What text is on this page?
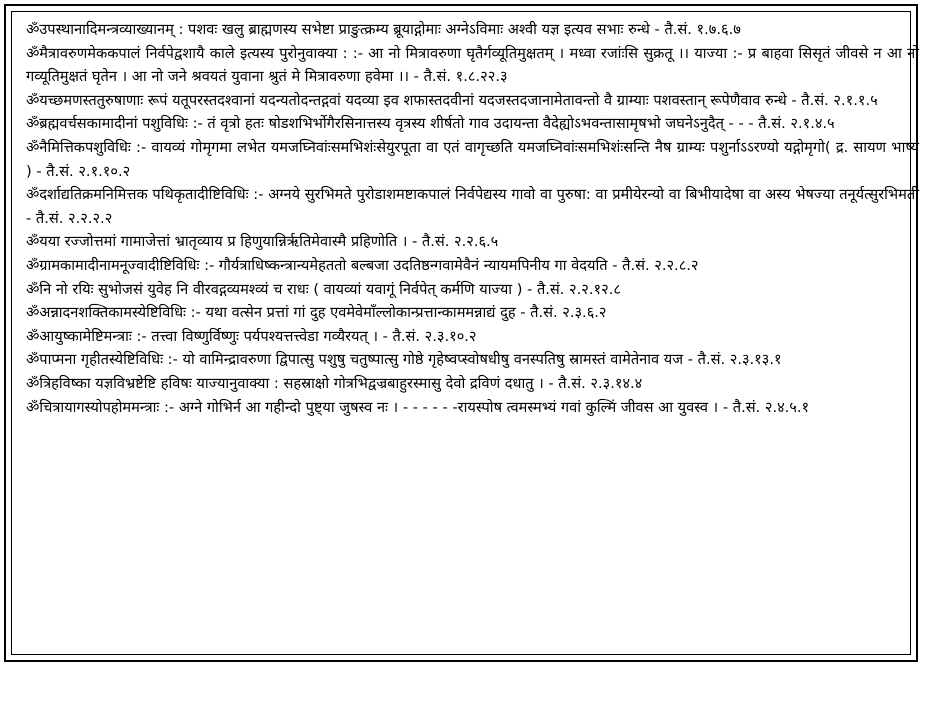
ॐउपस्थानादिमन्त्रव्याख्यानम् : पशवः खलु ब्राह्मणस्य सभेष्टा प्राङुत्क्रम्य ब्रूयाद्गोमाः अग्नेऽविमाः अश्वी यज्ञ इत्यव सभाः रुन्धे - तै.सं. १.७.६.७

ॐमैत्रावरुणमेककपालं निर्वपेद्वशायै काले इत्यस्य पुरोनुवाक्या : :- आ नो मित्रावरुणा घृतैर्गव्यूतिमुक्षतम् । मध्वा रजांःसि सुक्रतू ।। याज्या :- प्र बाहवा सिसृतं जीवसे न आ नो गव्यूतिमुक्षतं घृतेन । आ नो जने श्रवयतं युवाना श्रुतं मे मित्रावरुणा हवेमा ।। - तै.सं. १.८.२२.३

ॐयच्छमणस्ततुरुषाणाः रूपं यतूपरस्तदश्वानां यदन्यतोदन्तद्गवां यदव्या इव शफास्तदवीनां यदजस्तदजानामेतावन्तो वै ग्राम्याः पशवस्तान् रूपेणैवाव रुन्धे - तै.सं. २.१.१.५

ॐब्रह्मवर्चसकामादीनां पशुविधिः :- तं वृत्रो हतः षोडशभिर्भोगैरसिनात्तस्य वृत्रस्य शीर्षतो गाव उदायन्ता वैदेह्योऽभवन्तासामृषभो जघनेऽनुदैत् - - - तै.सं. २.१.४.५

ॐनैमित्तिकपशुविधिः :- वायव्यं गोमृगमा लभेत यमजघ्निवांःसमभिशंःसेयुरपूता वा एतं वागृच्छति यमजघ्निवांःसमभिशंःसन्ति नैष ग्राम्यः पशुर्नाऽऽरण्यो यद्गोमृगो( द्र. सायण भाष्य ) - तै.सं. २.१.१०.२

ॐदर्शाद्यतिक्रमनिमित्तक पथिकृतादीष्टिविधिः :- अग्नये सुरभिमते पुरोडाशमष्टाकपालं निर्वपेद्यस्य गावो वा पुरुषा: वा प्रमीयेरन्यो वा बिभीयादेषा वा अस्य भेषज्या तनूर्यत्सुरभिमती - तै.सं. २.२.२.२

ॐयया रज्जोत्तमां गामाजेत्तां भ्रातृव्याय प्र हिणुयान्निर्ऋतिमेवास्मै प्रहिणोति । - तै.सं. २.२.६.५

ॐग्रामकामादीनामनूज्वादीष्टिविधिः :- गौर्यत्राधिष्कन्त्रान्यमेहततो बल्बजा उदतिष्ठन्गवामेवैनं न्यायमपिनीय गा वेदयति - तै.सं. २.२.८.२

ॐनि नो रयिः सुभोजसं युवेह नि वीरवद्गव्यमश्व्यं च राधः ( वायव्यां यवागूं निर्वपेत् कर्मणि याज्या ) - तै.सं. २.२.१२.८

ॐअन्नादनशक्तिकामस्येष्टिविधिः :- यथा वत्सेन प्रत्तां गां दुह एवमेवेमाँल्लोकान्प्रत्तान्काममन्नाद्यं दुह - तै.सं. २.३.६.२

ॐआयुष्कामेष्टिमन्त्राः :- तत्त्वा विष्णुर्विष्णुः पर्यपश्यत्तत्त्वेडा गव्यैरयत् । - तै.सं. २.३.१०.२

ॐपाप्मना गृहीतस्येष्टिविधिः :- यो वामिन्द्रावरुणा द्विपात्सु पशुषु चतुष्पात्सु गोष्ठे गृहेष्वप्स्वोषधीषु वनस्पतिषु स्रामस्तं वामेतेनाव यज - तै.सं. २.३.१३.१

ॐत्रिहविष्का यज्ञविभ्रष्टेष्टि हविषः याज्यानुवाक्या : सहस्राक्षो गोत्रभिद्वज्रबाहुरस्मासु देवो द्रविणं दधातु । - तै.सं. २.३.१४.४

ॐचित्रायागस्योपहोममन्त्राः :- अग्ने गोभिर्न आ गहीन्दो पुष्ट्या जुषस्व नः । - - - - - -रायस्पोष त्वमस्मभ्यं गवां कुल्मिं जीवस आ युवस्व । - तै.सं. २.४.५.१
